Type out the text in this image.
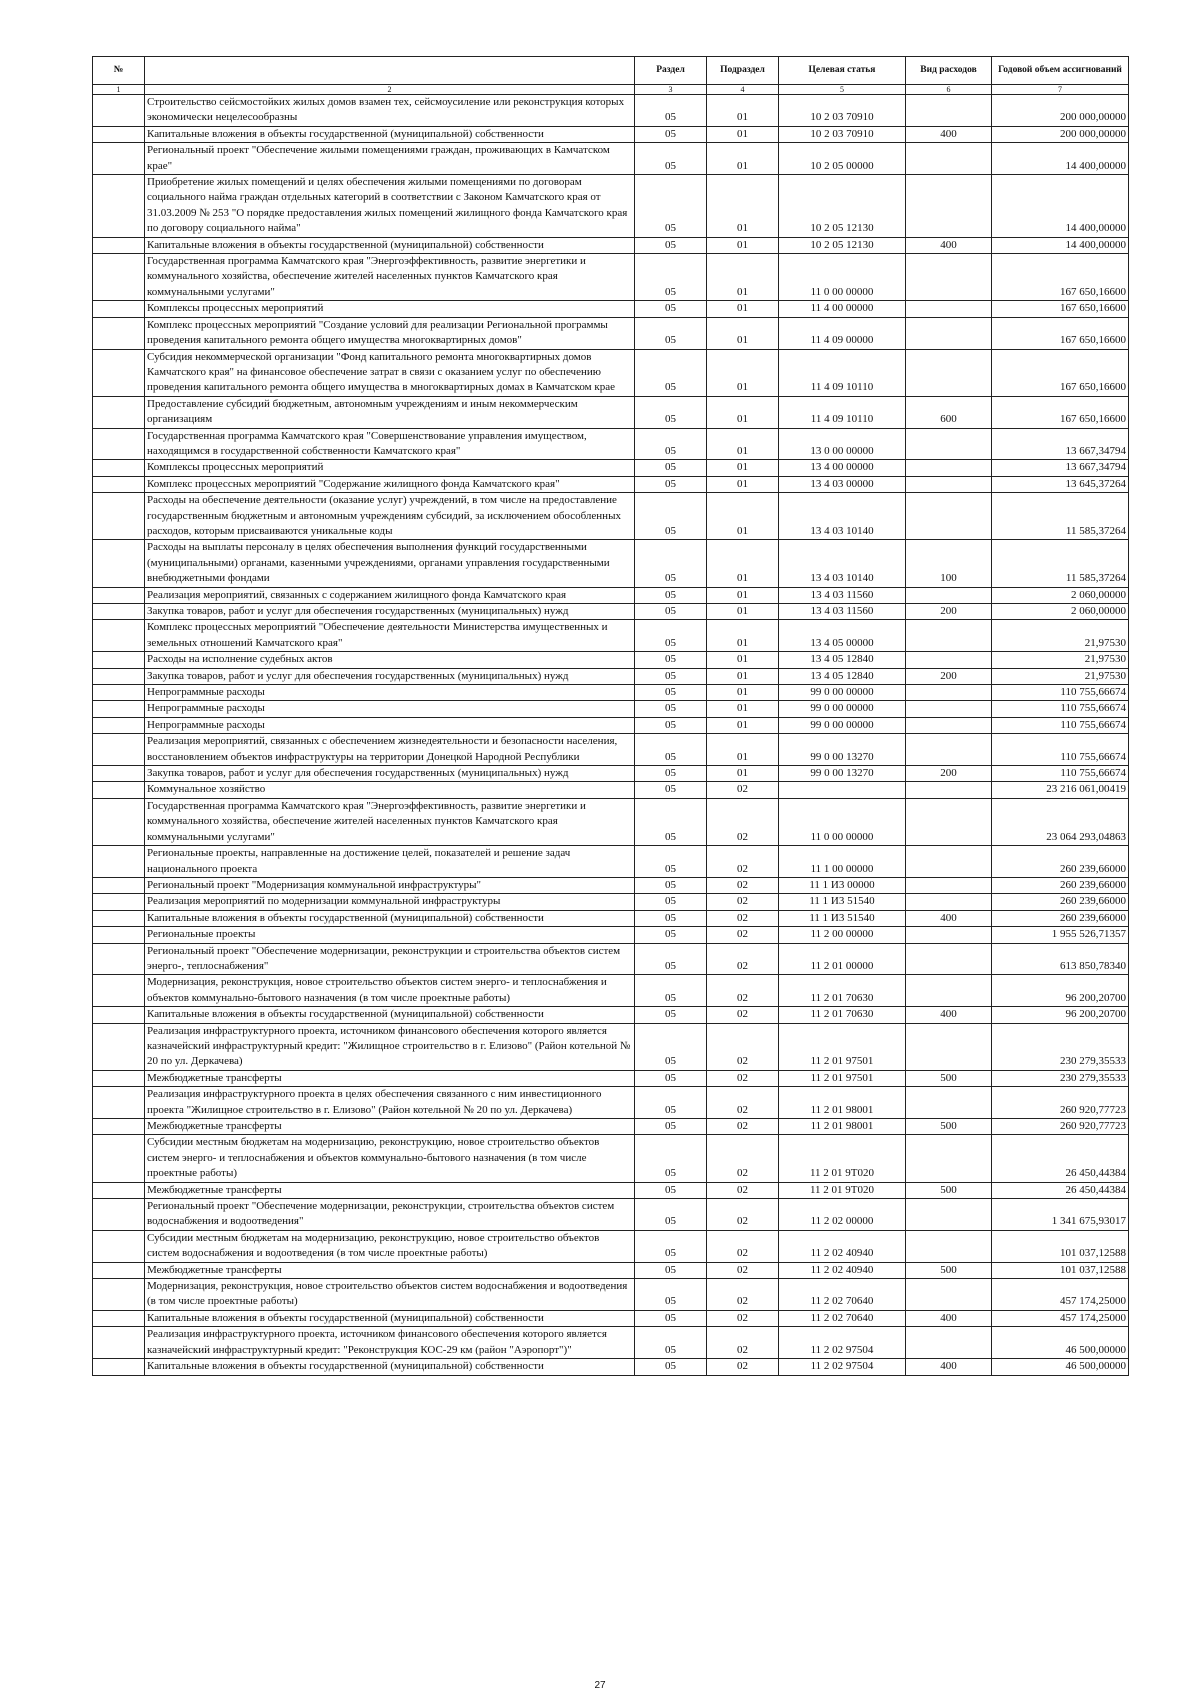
№		Раздел	Подраздел	Целевая статья	Вид расходов	Годовой объем ассигнований
1	2	3	4	5	6	7
	Строительство сейсмостойких жилых домов взамен тех, сейсмоусиление или реконструкция которых экономически нецелесообразны	05	01	10 2 03 70910		200 000,00000
	Капитальные вложения в объекты государственной (муниципальной) собственности	05	01	10 2 03 70910	400	200 000,00000
	Региональный проект "Обеспечение жилыми помещениями граждан, проживающих в Камчатском крае"	05	01	10 2 05 00000		14 400,00000
	Приобретение жилых помещений и целях обеспечения жилыми помещениями по договорам социального найма граждан отдельных категорий в соответствии с Законом Камчатского края от 31.03.2009 № 253 "О порядке предоставления жилых помещений жилищного фонда Камчатского края по договору социального найма"	05	01	10 2 05 12130		14 400,00000
	Капитальные вложения в объекты государственной (муниципальной) собственности	05	01	10 2 05 12130	400	14 400,00000
	Государственная программа Камчатского края "Энергоэффективность, развитие энергетики и коммунального хозяйства, обеспечение жителей населенных пунктов Камчатского края коммунальными услугами"	05	01	11 0 00 00000		167 650,16600
	Комплексы процессных мероприятий	05	01	11 4 00 00000		167 650,16600
	Комплекс процессных мероприятий "Создание условий для реализации Региональной программы проведения капитального ремонта общего имущества многоквартирных домов"	05	01	11 4 09 00000		167 650,16600
	Субсидия некоммерческой организации "Фонд капитального ремонта многоквартирных домов Камчатского края" на финансовое обеспечение затрат в связи с оказанием услуг по обеспечению проведения капитального ремонта общего имущества в многоквартирных домах в Камчатском крае	05	01	11 4 09 10110		167 650,16600
	Предоставление субсидий бюджетным, автономным учреждениям и иным некоммерческим организациям	05	01	11 4 09 10110	600	167 650,16600
	Государственная программа Камчатского края "Совершенствование управления имуществом, находящимся в государственной собственности Камчатского края"	05	01	13 0 00 00000		13 667,34794
	Комплексы процессных мероприятий	05	01	13 4 00 00000		13 667,34794
	Комплекс процессных мероприятий "Содержание жилищного фонда Камчатского края"	05	01	13 4 03 00000		13 645,37264
	Расходы на обеспечение деятельности (оказание услуг) учреждений, в том числе на предоставление государственным бюджетным и автономным учреждениям субсидий, за исключением обособленных расходов, которым присваиваются уникальные коды	05	01	13 4 03 10140		11 585,37264
	Расходы на выплаты персоналу в целях обеспечения выполнения функций государственными (муниципальными) органами, казенными учреждениями, органами управления государственными внебюджетными фондами	05	01	13 4 03 10140	100	11 585,37264
	Реализация мероприятий, связанных с содержанием жилищного фонда Камчатского края	05	01	13 4 03 11560		2 060,00000
	Закупка товаров, работ и услуг для обеспечения государственных (муниципальных) нужд	05	01	13 4 03 11560	200	2 060,00000
	Комплекс процессных мероприятий "Обеспечение деятельности Министерства имущественных и земельных отношений Камчатского края"	05	01	13 4 05 00000		21,97530
	Расходы на исполнение судебных актов	05	01	13 4 05 12840		21,97530
	Закупка товаров, работ и услуг для обеспечения государственных (муниципальных) нужд	05	01	13 4 05 12840	200	21,97530
	Непрограммные расходы	05	01	99 0 00 00000		110 755,66674
	Непрограммные расходы	05	01	99 0 00 00000		110 755,66674
	Непрограммные расходы	05	01	99 0 00 00000		110 755,66674
	Реализация мероприятий, связанных с обеспечением жизнедеятельности и безопасности населения, восстановлением объектов инфраструктуры на территории Донецкой Народной Республики	05	01	99 0 00 13270		110 755,66674
	Закупка товаров, работ и услуг для обеспечения государственных (муниципальных) нужд	05	01	99 0 00 13270	200	110 755,66674
	Коммунальное хозяйство	05	02			23 216 061,00419
	Государственная программа Камчатского края "Энергоэффективность, развитие энергетики и коммунального хозяйства, обеспечение жителей населенных пунктов Камчатского края коммунальными услугами"	05	02	11 0 00 00000		23 064 293,04863
	Региональные проекты, направленные на достижение целей, показателей и решение задач национального проекта	05	02	11 1 00 00000		260 239,66000
	Региональный проект "Модернизация коммунальной инфраструктуры"	05	02	11 1 И3 00000		260 239,66000
	Реализация мероприятий по модернизации коммунальной инфраструктуры	05	02	11 1 И3 51540		260 239,66000
	Капитальные вложения в объекты государственной (муниципальной) собственности	05	02	11 1 И3 51540	400	260 239,66000
	Региональные проекты	05	02	11 2 00 00000		1 955 526,71357
	Региональный проект "Обеспечение модернизации, реконструкции и строительства объектов систем энерго-, теплоснабжения"	05	02	11 2 01 00000		613 850,78340
	Модернизация, реконструкция, новое строительство объектов систем энерго- и теплоснабжения и объектов коммунально-бытового назначения (в том числе проектные работы)	05	02	11 2 01 70630		96 200,20700
	Капитальные вложения в объекты государственной (муниципальной) собственности	05	02	11 2 01 70630	400	96 200,20700
	Реализация инфраструктурного проекта, источником финансового обеспечения которого является казначейский инфраструктурный кредит: "Жилищное строительство в г. Елизово" (Район котельной № 20 по ул. Деркачева)	05	02	11 2 01 97501		230 279,35533
	Межбюджетные трансферты	05	02	11 2 01 97501	500	230 279,35533
	Реализация инфраструктурного проекта в целях обеспечения связанного с ним инвестиционного проекта "Жилищное строительство в г. Елизово" (Район котельной № 20 по ул. Деркачева)	05	02	11 2 01 98001		260 920,77723
	Межбюджетные трансферты	05	02	11 2 01 98001	500	260 920,77723
	Субсидии местным бюджетам на модернизацию, реконструкцию, новое строительство объектов систем энерго- и теплоснабжения и объектов коммунально-бытового назначения (в том числе проектные работы)	05	02	11 2 01 9Т020		26 450,44384
	Межбюджетные трансферты	05	02	11 2 01 9Т020	500	26 450,44384
	Региональный проект "Обеспечение модернизации, реконструкции, строительства объектов систем водоснабжения и водоотведения"	05	02	11 2 02 00000		1 341 675,93017
	Субсидии местным бюджетам на модернизацию, реконструкцию, новое строительство объектов систем водоснабжения и водоотведения (в том числе проектные работы)	05	02	11 2 02 40940		101 037,12588
	Межбюджетные трансферты	05	02	11 2 02 40940	500	101 037,12588
	Модернизация, реконструкция, новое строительство объектов систем водоснабжения и водоотведения (в том числе проектные работы)	05	02	11 2 02 70640		457 174,25000
	Капитальные вложения в объекты государственной (муниципальной) собственности	05	02	11 2 02 70640	400	457 174,25000
	Реализация инфраструктурного проекта, источником финансового обеспечения которого является казначейский инфраструктурный кредит: "Реконструкция КОС-29 км (район "Аэропорт")"	05	02	11 2 02 97504		46 500,00000
	Капитальные вложения в объекты государственной (муниципальной) собственности	05	02	11 2 02 97504	400	46 500,00000
27
